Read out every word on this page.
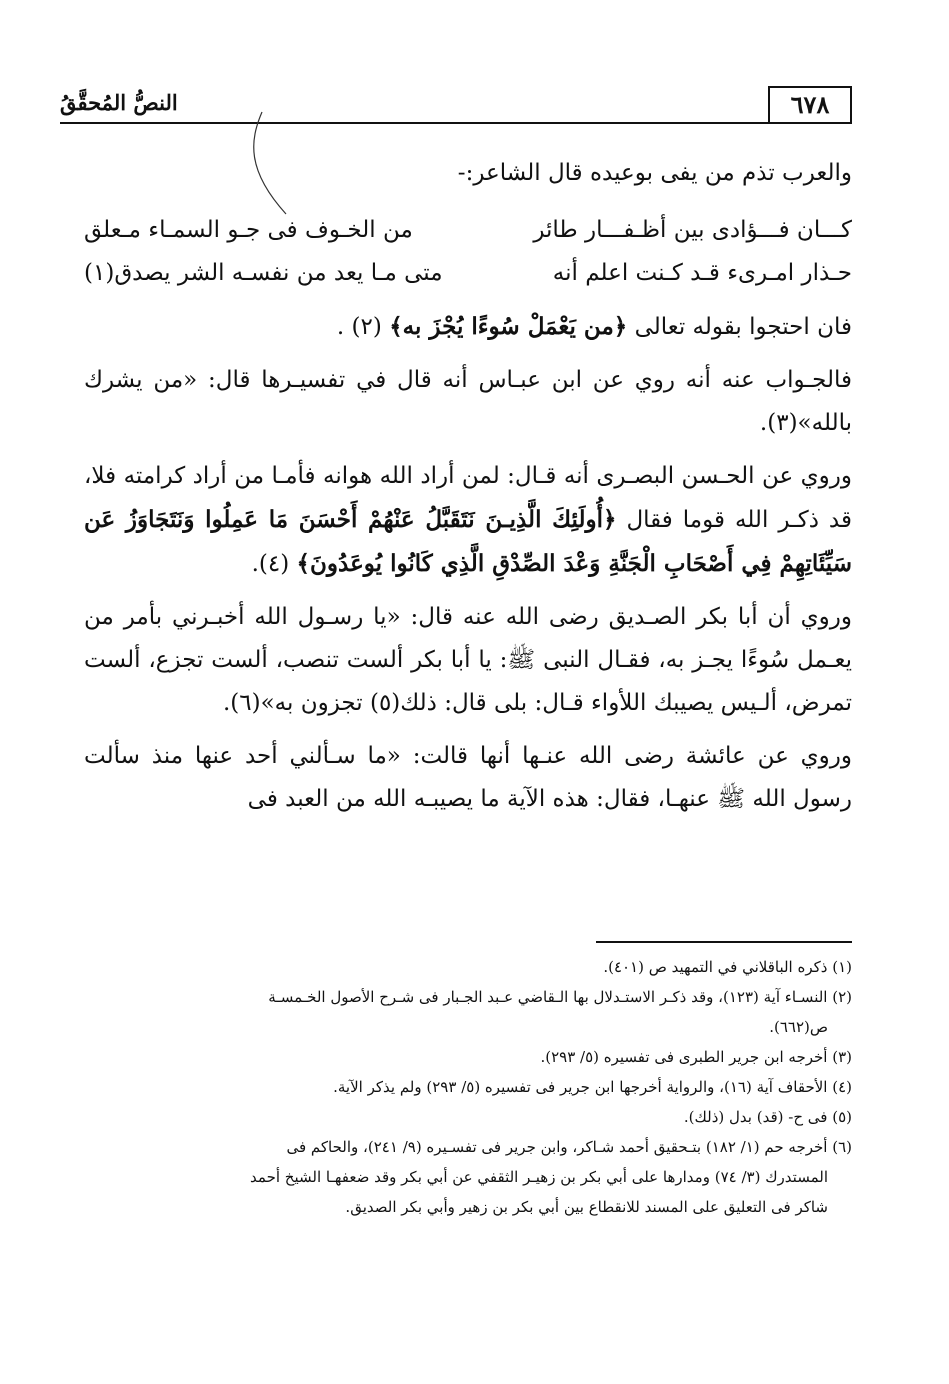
٦٧٨
النصُّ المُحقَّقُ

والعرب تذم من يفى بوعيده قال الشاعر:-

كـــان فـــؤادى بين أظـفـــار طائر
من الخـوف فى جـو السمـاء مـعلق
حـذار امـرىء قـد كـنت اعلم أنه
متى مـا يعد من نفسـه الشر يصدق(١)

فان احتجوا بقوله تعالى ﴿من يَعْمَلْ سُوءًا يُجْزَ به﴾ (٢) .

فالجـواب عنه أنه روي عن ابن عبـاس أنه قال في تفسيـرها قال: «من يشرك بالله»(٣).

وروي عن الحـسن البصـرى أنه قـال: لمن أراد الله هوانه فأمـا من أراد كرامته فلا، قد ذكـر الله قوما فقال ﴿أُولَئِكَ الَّذِيـنَ نَتَقَبَّلُ عَنْهُمْ أَحْسَنَ مَا عَمِلُوا وَنَتَجَاوَزُ عَن سَيِّئَاتِهِمْ فِي أَصْحَابِ الْجَنَّةِ وَعْدَ الصِّدْقِ الَّذِي كَانُوا يُوعَدُونَ﴾ (٤).

وروي أن أبا بكر الصـديق رضى الله عنه قال: «يا رسـول الله أخبـرني بأمر من يعـمل سُوءًا يجـز به، فقـال النبى ﷺ: يا أبا بكر ألست تنصب، ألست تجزع، ألست تمرض، ألـيس يصيبك اللأواء قـال: بلى قال: ذلك(٥) تجزون به»(٦).

وروي عن عائشة رضى الله عنـها أنها قالت: «ما سـألني أحد عنها منذ سألت رسول الله ﷺ عنهـا، فقال: هذه الآية ما يصيبـه الله من العبد فى

(١) ذكره الباقلاني في التمهيد ص (٤٠١).

(٢) النسـاء آية (١٢٣)، وقد ذكـر الاستـدلال بها الـقاضي عـبد الجـبار فى شـرح الأصول الخـمسـة

ص(٦٦٢).

(٣) أخرجه ابن جرير الطبرى فى تفسيره (٥/ ٢٩٣).

(٤) الأحقاف آية (١٦)، والرواية أخرجها ابن جرير فى تفسيره (٥/ ٢٩٣) ولم يذكر الآية.

(٥) فى ح- (قد) بدل (ذلك).

(٦) أخرجه حم (١/ ١٨٢) بتـحقيق أحمد شـاكر، وابن جرير فى تفسـيره (٩/ ٢٤١)، والحاكم فى

المستدرك (٣/ ٧٤) ومدارها على أبي بكر بن زهيـر الثقفي عن أبي بكر وقد ضعفهـا الشيخ أحمد

شاكر فى التعليق على المسند للانقطاع بين أبي بكر بن زهير وأبي بكر الصديق.
